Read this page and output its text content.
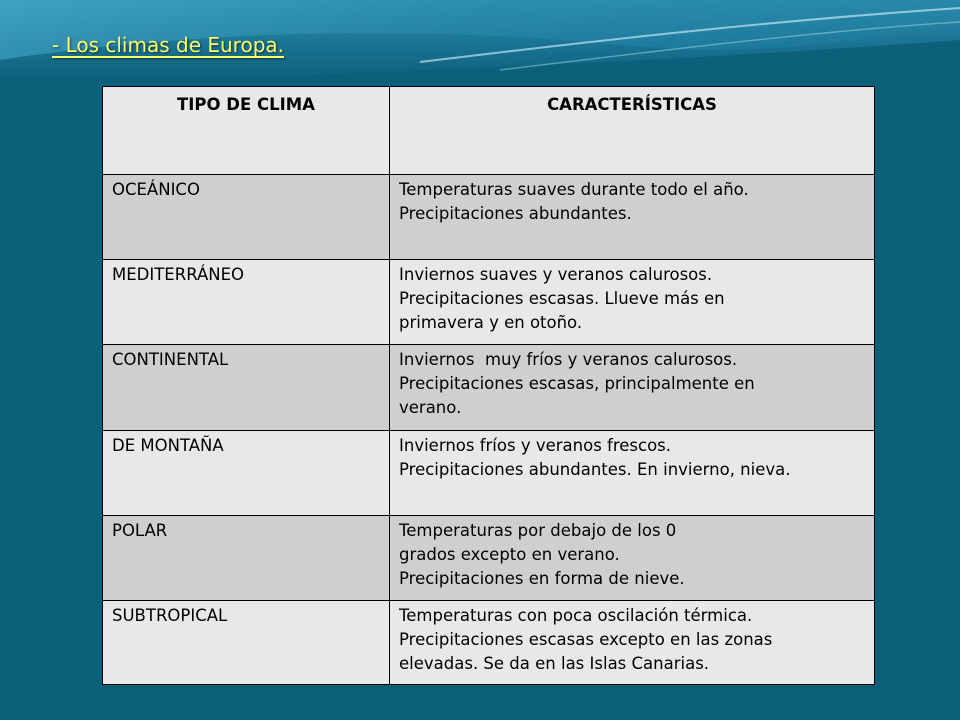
- Los climas de Europa.
TIPO DE CLIMA	CARACTERÍSTICAS
OCEÁNICO	Temperaturas suaves durante todo el año.
Precipitaciones abundantes.

MEDITERRÁNEO	Inviernos suaves y veranos calurosos.
Precipitaciones escasas. Llueve más en
primavera y en otoño.

CONTINENTAL	Inviernos  muy fríos y veranos calurosos.
Precipitaciones escasas, principalmente en
verano.

DE MONTAÑA	Inviernos fríos y veranos frescos.
Precipitaciones abundantes. En invierno, nieva.

POLAR	Temperaturas por debajo de los 0
grados excepto en verano.
Precipitaciones en forma de nieve.

SUBTROPICAL	Temperaturas con poca oscilación térmica.
Precipitaciones escasas excepto en las zonas
elevadas. Se da en las Islas Canarias.
